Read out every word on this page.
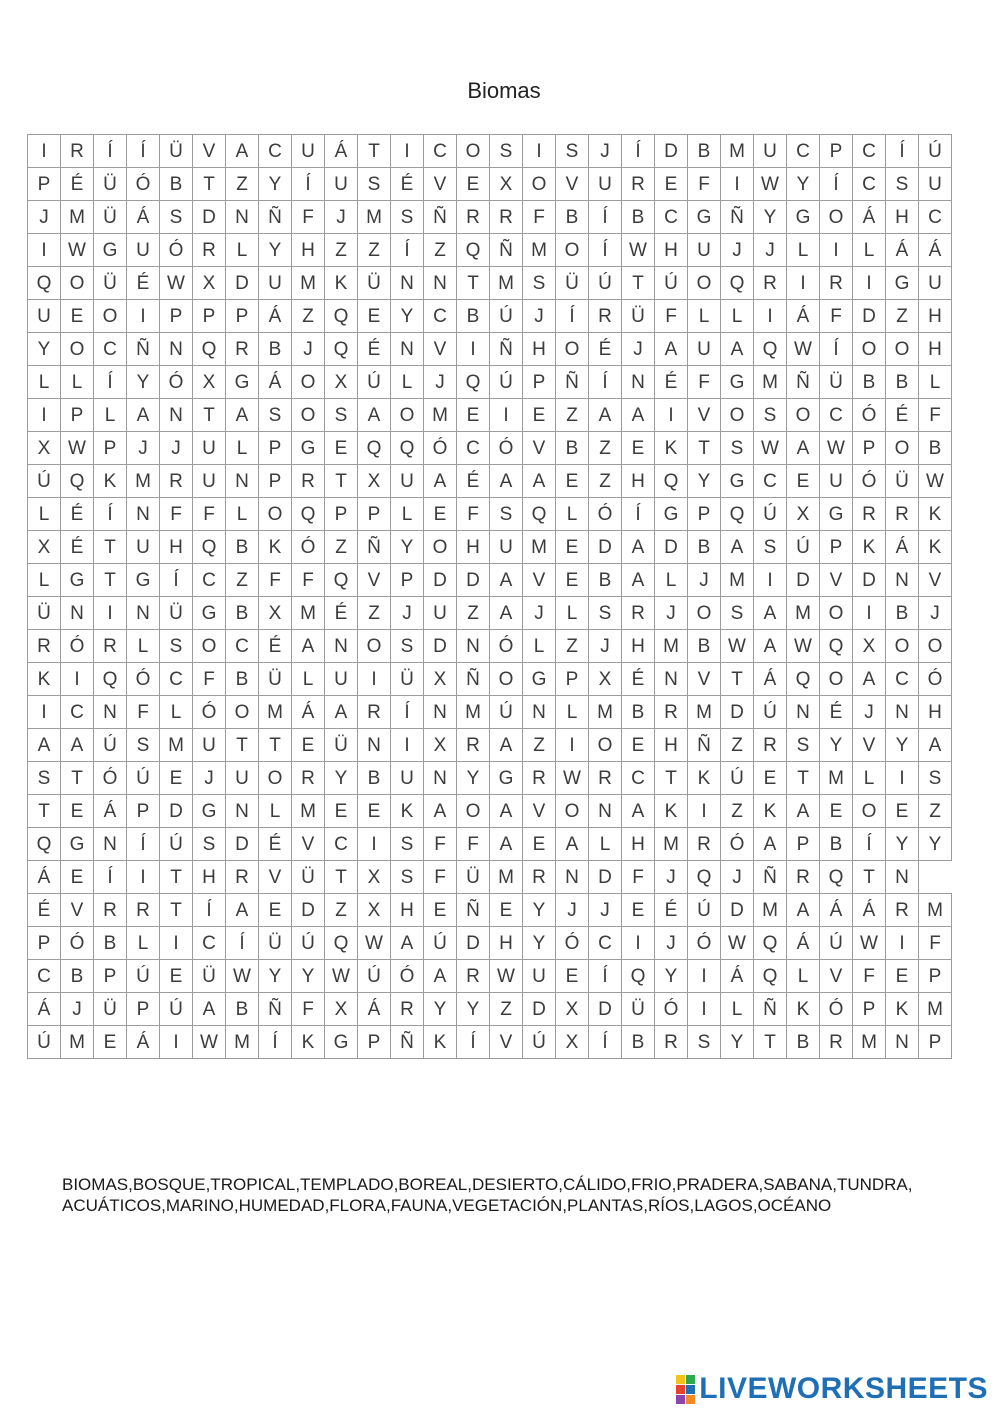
Biomas
I	R	Í	Í	Ü	V	A	C	U	Á	T	I	C	O	S	I	S	J	Í	D	B	M	U	C	P	C	Í	Ú
P	É	Ü	Ó	B	T	Z	Y	Í	U	S	É	V	E	X	O	V	U	R	E	F	I	W	Y	Í	C	S	U
J	M	Ü	Á	S	D	N	Ñ	F	J	M	S	Ñ	R	R	F	B	Í	B	C	G	Ñ	Y	G	O	Á	H	C
I	W	G	U	Ó	R	L	Y	H	Z	Z	Í	Z	Q	Ñ	M	O	Í	W	H	U	J	J	L	I	L	Á	Á
Q	O	Ü	É	W	X	D	U	M	K	Ü	N	N	T	M	S	Ü	Ú	T	Ú	O	Q	R	I	R	I	G	U
U	E	O	I	P	P	P	Á	Z	Q	E	Y	C	B	Ú	J	Í	R	Ü	F	L	L	I	Á	F	D	Z	H
Y	O	C	Ñ	N	Q	R	B	J	Q	É	N	V	I	Ñ	H	O	É	J	A	U	A	Q	W	Í	O	O	H
L	L	Í	Y	Ó	X	G	Á	O	X	Ú	L	J	Q	Ú	P	Ñ	Í	N	É	F	G	M	Ñ	Ü	B	B	L
I	P	L	A	N	T	A	S	O	S	A	O	M	E	I	E	Z	A	A	I	V	O	S	O	C	Ó	É	F
X	W	P	J	J	U	L	P	G	E	Q	Q	Ó	C	Ó	V	B	Z	E	K	T	S	W	A	W	P	O	B
Ú	Q	K	M	R	U	N	P	R	T	X	U	A	É	A	A	E	Z	H	Q	Y	G	C	E	U	Ó	Ü	W
L	É	Í	N	F	F	L	O	Q	P	P	L	E	F	S	Q	L	Ó	Í	G	P	Q	Ú	X	G	R	R	K
X	É	T	U	H	Q	B	K	Ó	Z	Ñ	Y	O	H	U	M	E	D	A	D	B	A	S	Ú	P	K	Á	K
L	G	T	G	Í	C	Z	F	F	Q	V	P	D	D	A	V	E	B	A	L	J	M	I	D	V	D	N	V
Ü	N	I	N	Ü	G	B	X	M	É	Z	J	U	Z	A	J	L	S	R	J	O	S	A	M	O	I	B	J
R	Ó	R	L	S	O	C	É	A	N	O	S	D	N	Ó	L	Z	J	H	M	B	W	A	W	Q	X	O	O
K	I	Q	Ó	C	F	B	Ü	L	U	I	Ü	X	Ñ	O	G	P	X	É	N	V	T	Á	Q	O	A	C	Ó
I	C	N	F	L	Ó	O	M	Á	A	R	Í	N	M	Ú	N	L	M	B	R	M	D	Ú	N	É	J	N	H
A	A	Ú	S	M	U	T	T	E	Ü	N	I	X	R	A	Z	I	O	E	H	Ñ	Z	R	S	Y	V	Y	A
S	T	Ó	Ú	E	J	U	O	R	Y	B	U	N	Y	G	R	W	R	C	T	K	Ú	E	T	M	L	I	S
T	E	Á	P	D	G	N	L	M	E	E	K	A	O	A	V	O	N	A	K	I	Z	K	A	E	O	E	Z
Q	G	N	Í	Ú	S	D	É	V	C	I	S	F	F	A	E	A	L	H	M	R	Ó	A	P	B	Í	Y	Y
Á	E	Í	I	T	H	R	V	Ü	T	X	S	F	Ü	M	R	N	D	F	J	Q	J	Ñ	R	Q	T	N	
É	V	R	R	T	Í	A	E	D	Z	X	H	E	Ñ	E	Y	J	J	E	É	Ú	D	M	A	Á	Á	R	M
P	Ó	B	L	I	C	Í	Ü	Ú	Q	W	A	Ú	D	H	Y	Ó	C	I	J	Ó	W	Q	Á	Ú	W	I	F
C	B	P	Ú	E	Ü	W	Y	Y	W	Ú	Ó	A	R	W	U	E	Í	Q	Y	I	Á	Q	L	V	F	E	P
Á	J	Ü	P	Ú	A	B	Ñ	F	X	Á	R	Y	Y	Z	D	X	D	Ü	Ó	I	L	Ñ	K	Ó	P	K	M
Ú	M	E	Á	I	W	M	Í	K	G	P	Ñ	K	Í	V	Ú	X	Í	B	R	S	Y	T	B	R	M	N	P
BIOMAS,BOSQUE,TROPICAL,TEMPLADO,BOREAL,DESIERTO,CÁLIDO,FRIO,PRADERA,SABANA,TUNDRA,ACUÁTICOS,MARINO,HUMEDAD,FLORA,FAUNA,VEGETACIÓN,PLANTAS,RÍOS,LAGOS,OCÉANO
LIVEWORKSHEETS
